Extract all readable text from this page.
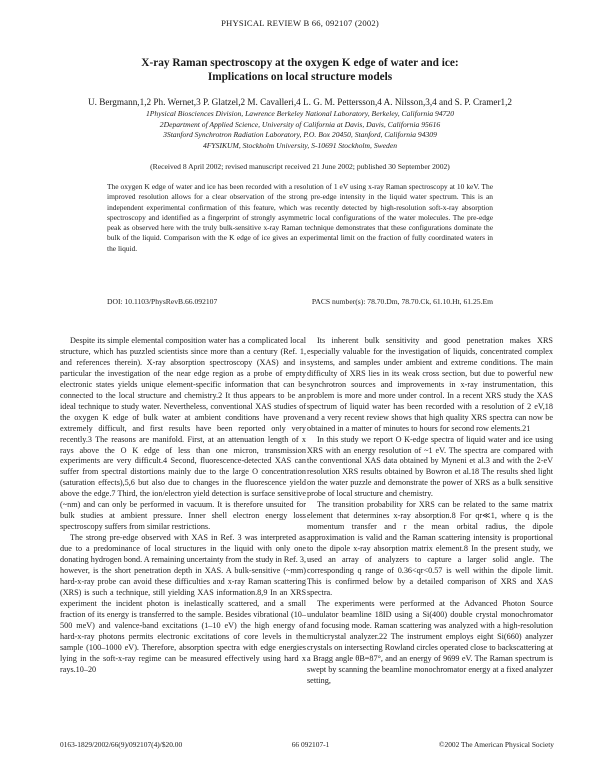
PHYSICAL REVIEW B 66, 092107 (2002)
X-ray Raman spectroscopy at the oxygen K edge of water and ice:
Implications on local structure models
U. Bergmann,1,2 Ph. Wernet,3 P. Glatzel,2 M. Cavalleri,4 L. G. M. Pettersson,4 A. Nilsson,3,4 and S. P. Cramer1,2
1Physical Biosciences Division, Lawrence Berkeley National Laboratory, Berkeley, California 94720
2Department of Applied Science, University of California at Davis, Davis, California 95616
3Stanford Synchrotron Radiation Laboratory, P.O. Box 20450, Stanford, California 94309
4FYSIKUM, Stockholm University, S-10691 Stockholm, Sweden
(Received 8 April 2002; revised manuscript received 21 June 2002; published 30 September 2002)

The oxygen K edge of water and ice has been recorded with a resolution of 1 eV using x-ray Raman spectroscopy at 10 keV. The improved resolution allows for a clear observation of the strong pre-edge intensity in the liquid water spectrum. This is an independent experimental confirmation of this feature, which was recently detected by high-resolution soft-x-ray absorption spectroscopy and identified as a fingerprint of strongly asymmetric local configurations of the water molecules. The pre-edge peak as observed here with the truly bulk-sensitive x-ray Raman technique demonstrates that these configurations dominate the bulk of the liquid. Comparison with the K edge of ice gives an experimental limit on the fraction of fully coordinated waters in the liquid.

DOI: 10.1103/PhysRevB.66.092107	PACS number(s): 78.70.Dm, 78.70.Ck, 61.10.Ht, 61.25.Em

Despite its simple elemental composition water has a complicated local structure, which has puzzled scientists since more than a century (Ref. 1, and references therein). X-ray absorption spectroscopy (XAS) and in particular the investigation of the near edge region as a probe of empty electronic states yields unique element-specific information that can be connected to the local structure and chemistry.2 It thus appears to be an ideal technique to study water. Nevertheless, conventional XAS studies of the oxygen K edge of bulk water at ambient conditions have proven extremely difficult, and first results have been reported only very recently.3 The reasons are manifold. First, at an attenuation length of x rays above the O K edge of less than one micron, transmission experiments are very difficult.4 Second, fluorescence-detected XAS can suffer from spectral distortions mainly due to the large O concentration (saturation effects),5,6 but also due to changes in the fluorescence yield above the edge.7 Third, the ion/electron yield detection is surface sensitive (~nm) and can only be performed in vacuum. It is therefore unsuited for bulk studies at ambient pressure. Inner shell electron energy loss spectroscopy suffers from similar restrictions.

The strong pre-edge observed with XAS in Ref. 3 was interpreted as due to a predominance of local structures in the liquid with only one donating hydrogen bond. A remaining uncertainty from the study in Ref. 3, however, is the short penetration depth in XAS. A bulk-sensitive (~mm) hard-x-ray probe can avoid these difficulties and x-ray Raman scattering (XRS) is such a technique, still yielding XAS information.8,9 In an XRS experiment the incident photon is inelastically scattered, and a small fraction of its energy is transferred to the sample. Besides vibrational (10–500 meV) and valence-band excitations (1–10 eV) the high energy of hard-x-ray photons permits electronic excitations of core levels in the sample (100–1000 eV). Therefore, absorption spectra with edge energies lying in the soft-x-ray regime can be measured effectively using hard x rays.10–20

Its inherent bulk sensitivity and good penetration makes XRS especially valuable for the investigation of liquids, concentrated complex systems, and samples under ambient and extreme conditions. The main difficulty of XRS lies in its weak cross section, but due to powerful new synchrotron sources and improvements in x-ray instrumentation, this problem is more and more under control. In a recent XRS study the XAS spectrum of liquid water has been recorded with a resolution of 2 eV,18 and a very recent review shows that high quality XRS spectra can now be obtained in a matter of minutes to hours for second row elements.21

In this study we report O K-edge spectra of liquid water and ice using XRS with an energy resolution of ~1 eV. The spectra are compared with the conventional XAS data obtained by Myneni et al.3 and with the 2-eV resolution XRS results obtained by Bowron et al.18 The results shed light on the water puzzle and demonstrate the power of XRS as a bulk sensitive probe of local structure and chemistry.

The transition probability for XRS can be related to the same matrix element that determines x-ray absorption.8 For qr≪1, where q is the momentum transfer and r the mean orbital radius, the dipole approximation is valid and the Raman scattering intensity is proportional to the dipole x-ray absorption matrix element.8 In the present study, we used an array of analyzers to capture a larger solid angle. The corresponding q range of 0.36<qr<0.57 is well within the dipole limit. This is confirmed below by a detailed comparison of XRS and XAS spectra.

The experiments were performed at the Advanced Photon Source undulator beamline 18ID using a Si(400) double crystal monochromator and focusing mode. Raman scattering was analyzed with a high-resolution multicrystal analyzer.22 The instrument employs eight Si(660) analyzer crystals on intersecting Rowland circles operated close to backscattering at a Bragg angle θB=87°, and an energy of 9699 eV. The Raman spectrum is swept by scanning the beamline monochromator energy at a fixed analyzer setting,

0163-1829/2002/66(9)/092107(4)/$20.00	66 092107-1	©2002 The American Physical Society
